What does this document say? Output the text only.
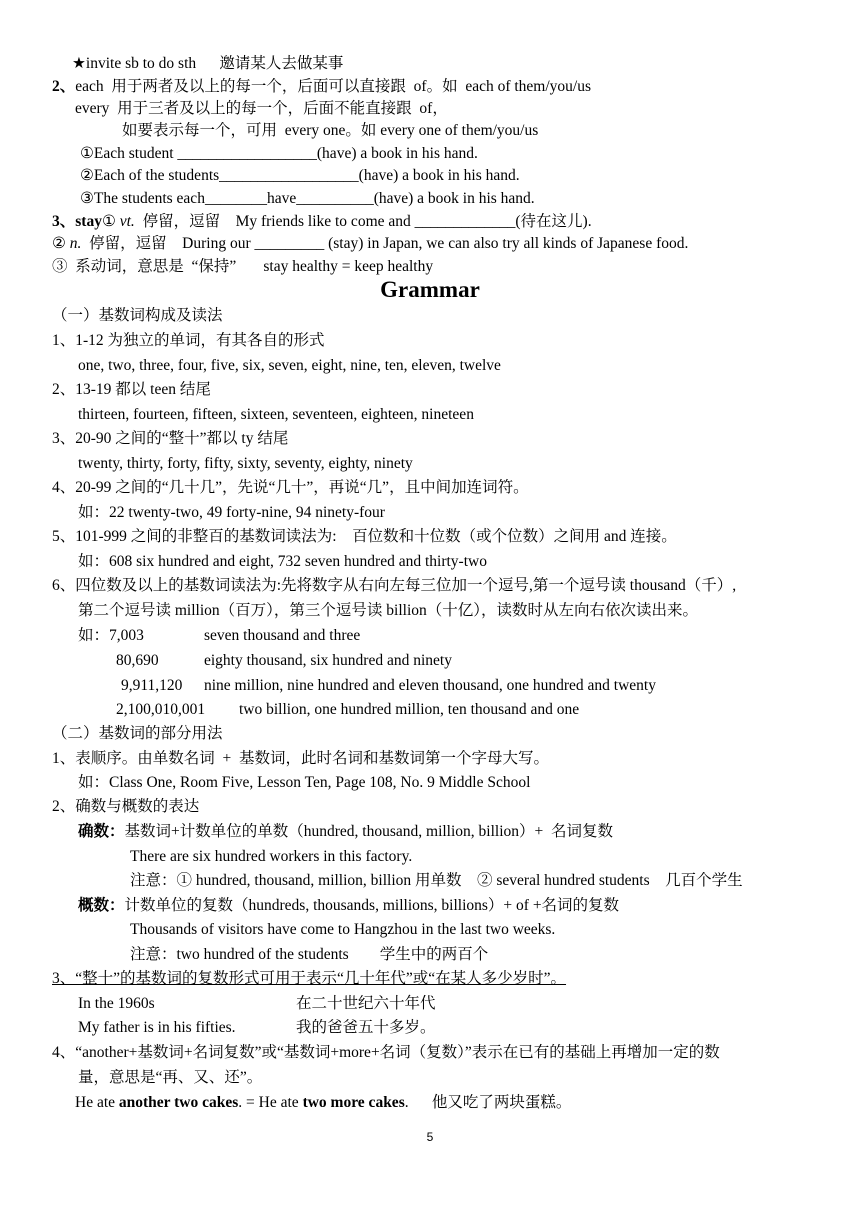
★invite sb to do sth      邀请某人去做某事
2、each  用于两者及以上的每一个，后面可以直接跟  of。如  each of them/you/us
every  用于三者及以上的每一个，后面不能直接跟  of，
如要表示每一个，可用  every one。如 every one of them/you/us
①Each student __________________(have) a book in his hand.
②Each of the students__________________(have) a book in his hand.
③The students each________have__________(have) a book in his hand.
3、stay① vt.  停留，逗留    My friends like to come and _____________(待在这儿).
② n.  停留，逗留    During our _________ (stay) in Japan, we can also try all kinds of Japanese food.
③  系动词，意思是  “保持”       stay healthy = keep healthy
Grammar
（一）基数词构成及读法
1、1-12 为独立的单词，有其各自的形式
one, two, three, four, five, six, seven, eight, nine, ten, eleven, twelve
2、13-19 都以 teen 结尾
thirteen, fourteen, fifteen, sixteen, seventeen, eighteen, nineteen
3、20-90 之间的“整十”都以 ty 结尾
twenty, thirty, forty, fifty, sixty, seventy, eighty, ninety
4、20-99 之间的“几十几”，先说“几十”，再说“几”，且中间加连词符。
如：22 twenty-two, 49 forty-nine, 94 ninety-four
5、101-999 之间的非整百的基数词读法为:    百位数和十位数（或个位数）之间用 and 连接。
如：608 six hundred and eight, 732 seven hundred and thirty-two
6、四位数及以上的基数词读法为:先将数字从右向左每三位加一个逗号,第一个逗号读 thousand（千）,
第二个逗号读 million（百万），第三个逗号读 billion（十亿），读数时从左向右依次读出来。
如：7,003	seven thousand and three
80,690	eighty thousand, six hundred and ninety
9,911,120 nine million, nine hundred and eleven thousand, one hundred and twenty
2,100,010,001 two billion, one hundred million, ten thousand and one
（二）基数词的部分用法
1、表顺序。由单数名词  +  基数词，此时名词和基数词第一个字母大写。
如：Class One, Room Five, Lesson Ten, Page 108, No. 9 Middle School
2、确数与概数的表达
确数：基数词+计数单位的单数（hundred, thousand, million, billion）+  名词复数
There are six hundred workers in this factory.
注意：① hundred, thousand, million, billion 用单数    ② several hundred students    几百个学生
概数：计数单位的复数（hundreds, thousands, millions, billions）+ of +名词的复数
Thousands of visitors have come to Hangzhou in the last two weeks.
注意：two hundred of the students        学生中的两百个
3、“整十”的基数词的复数形式可用于表示“几十年代”或“在某人多少岁时”。
In the 1960s	在二十世纪六十年代
My father is in his fifties.	我的爸爸五十多岁。
4、“another+基数词+名词复数”或“基数词+more+名词（复数）”表示在已有的基础上再增加一定的数
量，意思是“再、又、还”。
He ate another two cakes. = He ate two more cakes.      他又吃了两块蛋糕。
5
